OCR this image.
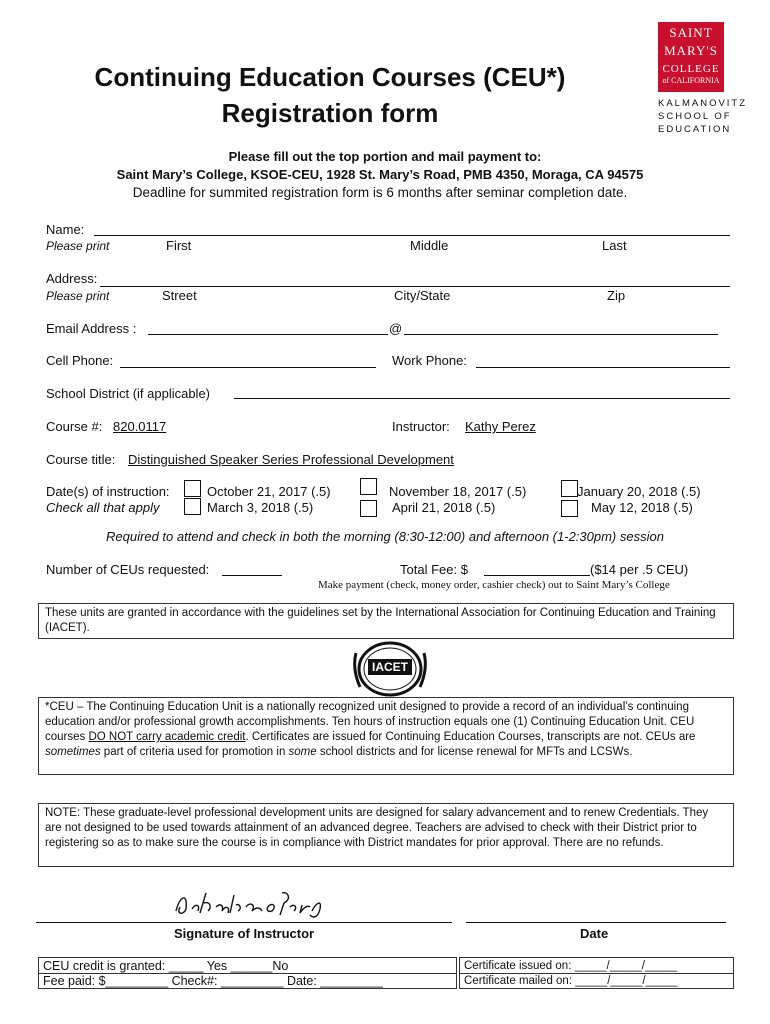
SAINT
MARY'S
COLLEGE
of CALIFORNIA
KALMANOVITZ
SCHOOL OF
EDUCATION
Continuing Education Courses (CEU*)
Registration form
Please fill out the top portion and mail payment to:
Saint Mary’s College, KSOE-CEU, 1928 St. Mary’s Road, PMB 4350, Moraga, CA 94575
Deadline for summited registration form is 6 months after seminar completion date.
Name:
Please print	First	Middle	Last
Address:
Please print	Street	City/State	Zip
Email Address :	@
Cell Phone:	Work Phone:
School District (if applicable)
Course #: 820.0117	Instructor: Kathy Perez
Course title: Distinguished Speaker Series Professional Development
Date(s) of instruction:
Check all that apply
October 21, 2017 (.5)	November 18, 2017 (.5)	January 20, 2018 (.5)
March 3, 2018 (.5)	April 21, 2018 (.5)	May 12, 2018 (.5)
Required to attend and check in both the morning (8:30-12:00) and afternoon (1-2:30pm) session
Number of CEUs requested:	Total Fee: $	($14 per .5 CEU)
Make payment (check, money order, cashier check) out to Saint Mary’s College
These units are granted in accordance with the guidelines set by the International Association for Continuing Education and Training (IACET).
IACET
*CEU – The Continuing Education Unit is a nationally recognized unit designed to provide a record of an individual’s continuing education and/or professional growth accomplishments. Ten hours of instruction equals one (1) Continuing Education Unit. CEU courses DO NOT carry academic credit. Certificates are issued for Continuing Education Courses, transcripts are not. CEUs are sometimes part of criteria used for promotion in some school districts and for license renewal for MFTs and LCSWs.
NOTE: These graduate-level professional development units are designed for salary advancement and to renew Credentials. They are not designed to be used towards attainment of an advanced degree. Teachers are advised to check with their District prior to registering so as to make sure the course is in compliance with District mandates for prior approval. There are no refunds.
Signature of Instructor	Date
CEU credit is granted: _____ Yes ______No
Fee paid: $_________ Check#: _________ Date: _________
Certificate issued on: _____/_____/_____
Certificate mailed on: _____/_____/_____
